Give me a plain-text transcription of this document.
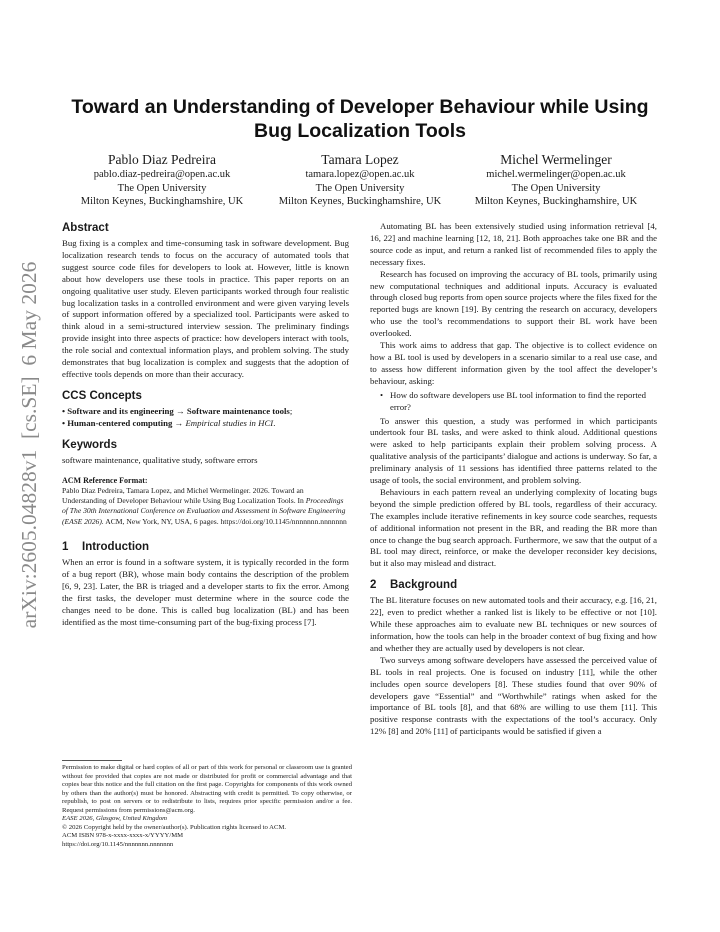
arXiv:2605.04828v1  [cs.SE]  6 May 2026
Toward an Understanding of Developer Behaviour while Using
Bug Localization Tools
Pablo Diaz Pedreira
pablo.diaz-pedreira@open.ac.uk
The Open University
Milton Keynes, Buckinghamshire, UK
Tamara Lopez
tamara.lopez@open.ac.uk
The Open University
Milton Keynes, Buckinghamshire, UK
Michel Wermelinger
michel.wermelinger@open.ac.uk
The Open University
Milton Keynes, Buckinghamshire, UK
Abstract

Bug fixing is a complex and time-consuming task in software development. Bug localization research tends to focus on the accuracy of automated tools that suggest source code files for developers to look at. However, little is known about how developers use these tools in practice. This paper reports on an ongoing qualitative user study. Eleven participants worked through four realistic bug localization tasks in a controlled environment and were given varying levels of support information offered by a specialized tool. Participants were asked to think aloud in a semi-structured interview session. The preliminary findings provide insight into three aspects of practice: how developers interact with tools, the role social and contextual information plays, and problem solving. The study demonstrates that bug localization is complex and suggests that the adoption of effective tools depends on more than their accuracy.

CCS Concepts

• Software and its engineering → Software maintenance tools;

• Human-centered computing → Empirical studies in HCI.

Keywords

software maintenance, qualitative study, software errors

ACM Reference Format:

Pablo Diaz Pedreira, Tamara Lopez, and Michel Wermelinger. 2026. Toward an Understanding of Developer Behaviour while Using Bug Localization Tools. In Proceedings of The 30th International Conference on Evaluation and Assessment in Software Engineering (EASE 2026). ACM, New York, NY, USA, 6 pages. https://doi.org/10.1145/nnnnnnn.nnnnnnn

1 Introduction

When an error is found in a software system, it is typically recorded in the form of a bug report (BR), whose main body contains the description of the problem [6, 9, 23]. Later, the BR is triaged and a developer starts to fix the error. Among the first tasks, the developer must determine where in the source code the changes need to be done. This is called bug localization (BL) and has been identified as the most time-consuming part of the bug-fixing process [7].

Permission to make digital or hard copies of all or part of this work for personal or classroom use is granted without fee provided that copies are not made or distributed for profit or commercial advantage and that copies bear this notice and the full citation on the first page. Copyrights for components of this work owned by others than the author(s) must be honored. Abstracting with credit is permitted. To copy otherwise, or republish, to post on servers or to redistribute to lists, requires prior specific permission and/or a fee. Request permissions from permissions@acm.org.

EASE 2026, Glasgow, United Kingdom

© 2026 Copyright held by the owner/author(s). Publication rights licensed to ACM.

ACM ISBN 978-x-xxxx-xxxx-x/YYYY/MM

https://doi.org/10.1145/nnnnnnn.nnnnnnn

Automating BL has been extensively studied using information retrieval [4, 16, 22] and machine learning [12, 18, 21]. Both approaches take one BR and the source code as input, and return a ranked list of recommended files to apply the necessary fixes.

Research has focused on improving the accuracy of BL tools, primarily using new computational techniques and additional inputs. Accuracy is evaluated through closed bug reports from open source projects where the files fixed for the reported bugs are known [19]. By centring the research on accuracy, developers who use the tool’s recommendations to support their BL work have been overlooked.

This work aims to address that gap. The objective is to collect evidence on how a BL tool is used by developers in a scenario similar to a real use case, and to assess how different information given by the tool affect the developer’s behaviour, asking:

• How do software developers use BL tool information to find the reported error?

To answer this question, a study was performed in which participants undertook four BL tasks, and were asked to think aloud. Additional questions were asked to help participants explain their problem solving process. A qualitative analysis of the participants’ dialogue and actions is underway. So far, a preliminary analysis of 11 sessions has identified three patterns related to the usage of tools, the social environment, and problem solving.

Behaviours in each pattern reveal an underlying complexity of locating bugs beyond the simple prediction offered by BL tools, regardless of their accuracy. The examples include iterative refinements in key source code searches, requests of additional information not present in the BR, and reading the BR more than once to change the bug search approach. Furthermore, we saw that the output of a BL tool may direct, reinforce, or make the developer reconsider key decisions, but it also may mislead and distract.

2 Background

The BL literature focuses on new automated tools and their accuracy, e.g. [16, 21, 22], even to predict whether a ranked list is likely to be effective or not [10]. While these approaches aim to evaluate new BL techniques or new sources of information, how the tools can help in the broader context of bug fixing and how and whether they are actually used by developers is not clear.

Two surveys among software developers have assessed the perceived value of BL tools in real projects. One is focused on industry [11], while the other includes open source developers [8]. These studies found that over 90% of developers gave “Essential” and “Worthwhile” ratings when asked for the importance of BL tools [8], and that 68% are willing to use them [11]. This positive response contrasts with the expectations of the tool’s accuracy. Only 12% [8] and 20% [11] of participants would be satisfied if given a
